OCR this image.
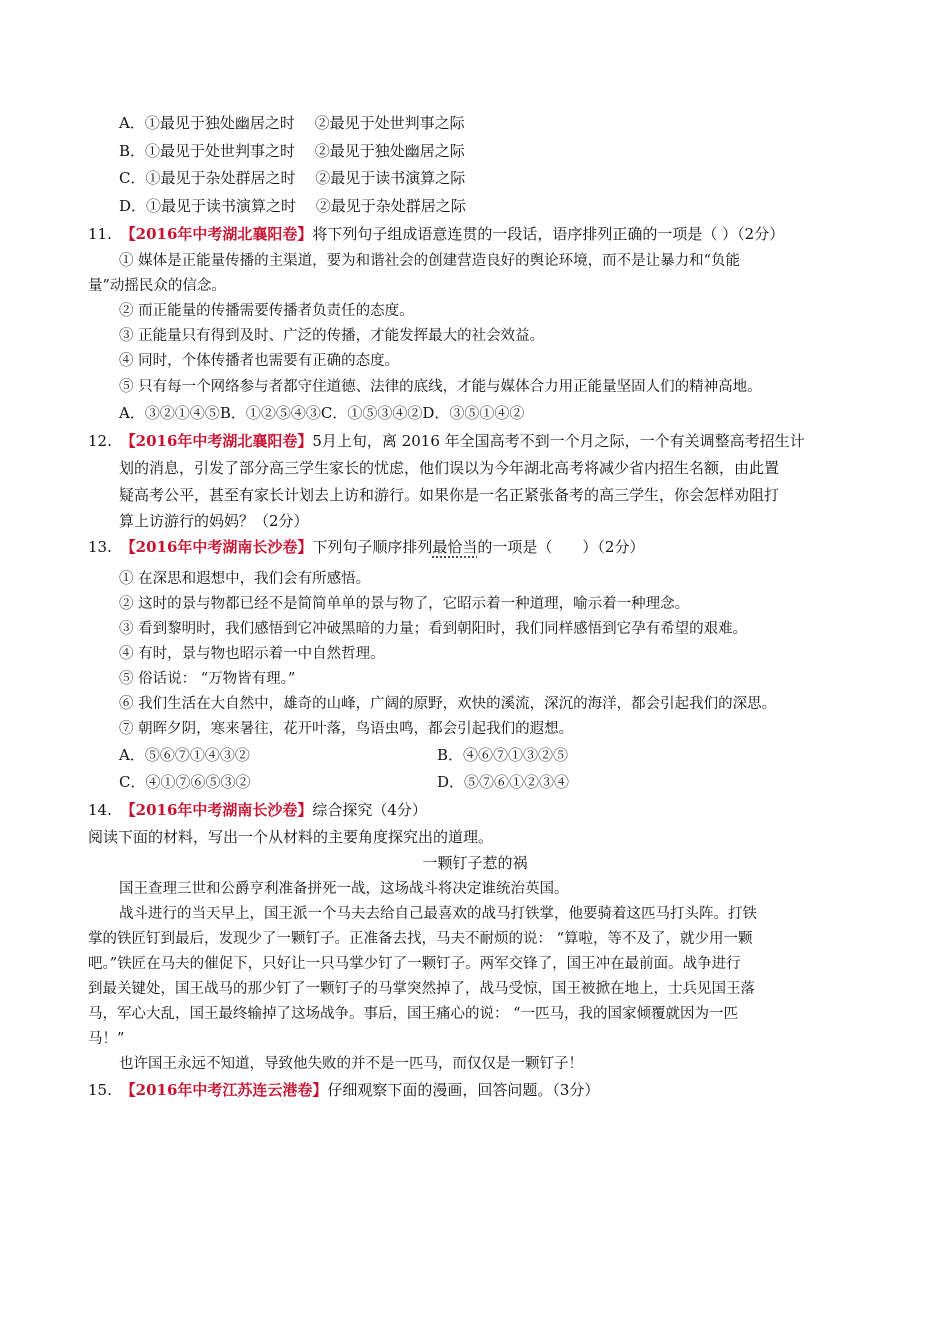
A．①最见于独处幽居之时　 ②最见于处世判事之际
B．①最见于处世判事之时　 ②最见于独处幽居之际
C．①最见于杂处群居之时　 ②最见于读书演算之际
D．①最见于读书演算之时　 ②最见于杂处群居之际
11. 【2016年中考湖北襄阳卷】将下列句子组成语意连贯的一段话，语序排列正确的一项是（ ）（2分）
① 媒体是正能量传播的主渠道，要为和谐社会的创建营造良好的舆论环境，而不是让暴力和“负能
量”动摇民众的信念。
② 而正能量的传播需要传播者负责任的态度。
③ 正能量只有得到及时、广泛的传播，才能发挥最大的社会效益。
④ 同时，个体传播者也需要有正确的态度。
⑤ 只有每一个网络参与者都守住道德、法律的底线，才能与媒体合力用正能量坚固人们的精神高地。
A．③②①④⑤B．①②⑤④③C．①⑤③④②D．③⑤①④②
12. 【2016年中考湖北襄阳卷】5月上旬，离 2016 年全国高考不到一个月之际，一个有关调整高考招生计
划的消息，引发了部分高三学生家长的忧虑，他们误以为今年湖北高考将减少省内招生名额，由此置
疑高考公平，甚至有家长计划去上访和游行。如果你是一名正紧张备考的高三学生，你会怎样劝阻打
算上访游行的妈妈？（2分）
13. 【2016年中考湖南长沙卷】下列句子顺序排列最恰当的一项是（　　）（2分）
① 在深思和遐想中，我们会有所感悟。
② 这时的景与物都已经不是简简单单的景与物了，它昭示着一种道理，喻示着一种理念。
③ 看到黎明时，我们感悟到它冲破黑暗的力量；看到朝阳时，我们同样感悟到它孕有希望的艰难。
④ 有时，景与物也昭示着一中自然哲理。
⑤ 俗话说： “万物皆有理。”
⑥ 我们生活在大自然中，雄奇的山峰，广阔的原野，欢快的溪流，深沉的海洋，都会引起我们的深思。
⑦ 朝晖夕阴，寒来暑往，花开叶落，鸟语虫鸣，都会引起我们的遐想。
A．⑤⑥⑦①④③②	B．④⑥⑦①③②⑤
C．④①⑦⑥⑤③②	D．⑤⑦⑥①②③④
14. 【2016年中考湖南长沙卷】综合探究（4分）
阅读下面的材料，写出一个从材料的主要角度探究出的道理。
一颗钉子惹的祸
国王查理三世和公爵亨利准备拼死一战，这场战斗将决定谁统治英国。
战斗进行的当天早上，国王派一个马夫去给自己最喜欢的战马打铁掌，他要骑着这匹马打头阵。打铁
掌的铁匠钉到最后，发现少了一颗钉子。正准备去找，马夫不耐烦的说： “算啦，等不及了，就少用一颗
吧。”铁匠在马夫的催促下，只好让一只马掌少钉了一颗钉子。两军交锋了，国王冲在最前面。战争进行
到最关键处，国王战马的那少钉了一颗钉子的马掌突然掉了，战马受惊，国王被掀在地上，士兵见国王落
马，军心大乱，国王最终输掉了这场战争。事后，国王痛心的说： “一匹马，我的国家倾覆就因为一匹
马！”
也许国王永远不知道，导致他失败的并不是一匹马，而仅仅是一颗钉子！
15. 【2016年中考江苏连云港卷】仔细观察下面的漫画，回答问题。（3分）
